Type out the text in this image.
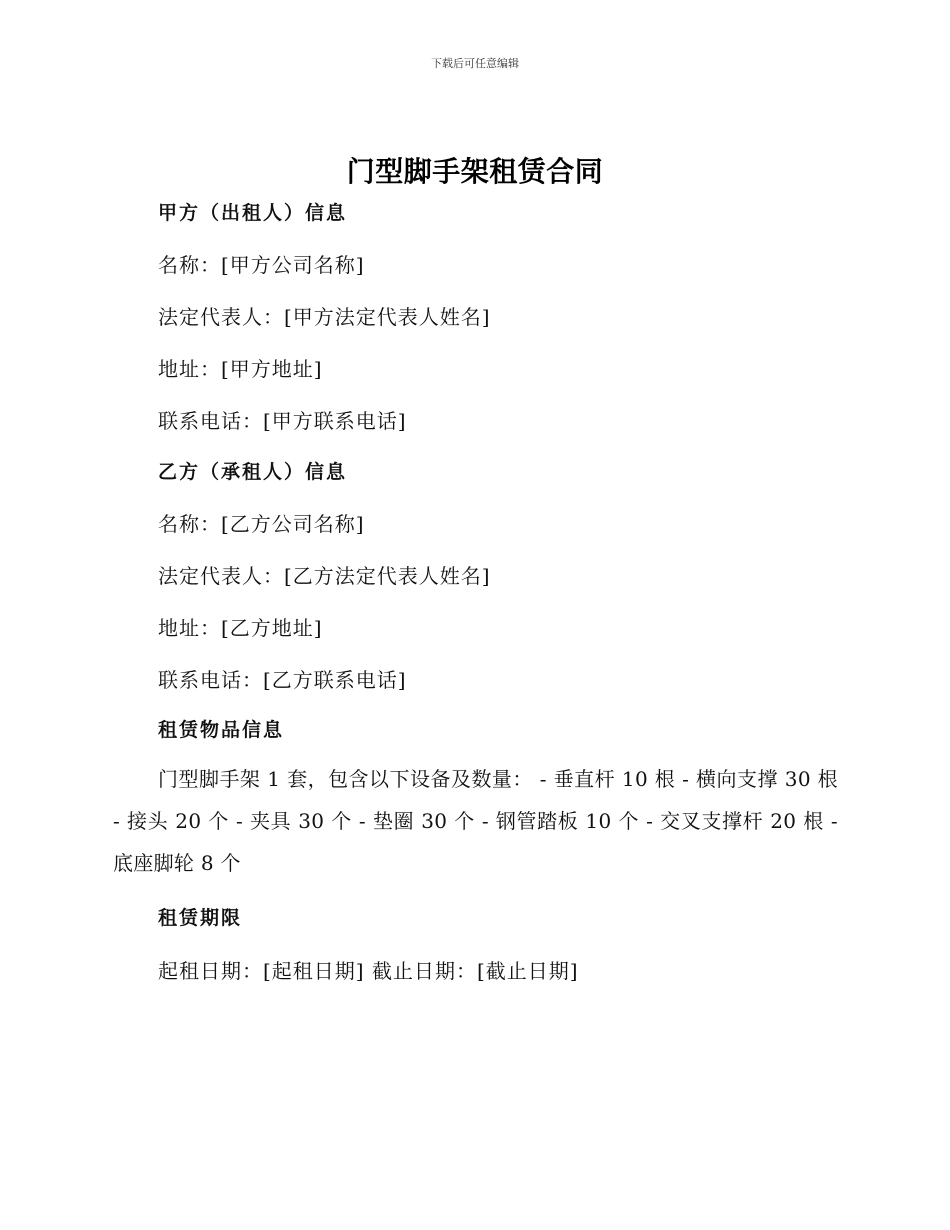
下载后可任意编辑
门型脚手架租赁合同
甲方（出租人）信息
名称：[甲方公司名称]
法定代表人：[甲方法定代表人姓名]
地址：[甲方地址]
联系电话：[甲方联系电话]
乙方（承租人）信息
名称：[乙方公司名称]
法定代表人：[乙方法定代表人姓名]
地址：[乙方地址]
联系电话：[乙方联系电话]
租赁物品信息
门型脚手架 1 套，包含以下设备及数量： - 垂直杆 10 根 - 横向支撑 30 根 - 接头 20 个 - 夹具 30 个 - 垫圈 30 个 - 钢管踏板 10 个 - 交叉支撑杆 20 根 - 底座脚轮 8 个
租赁期限
起租日期：[起租日期] 截止日期：[截止日期]
